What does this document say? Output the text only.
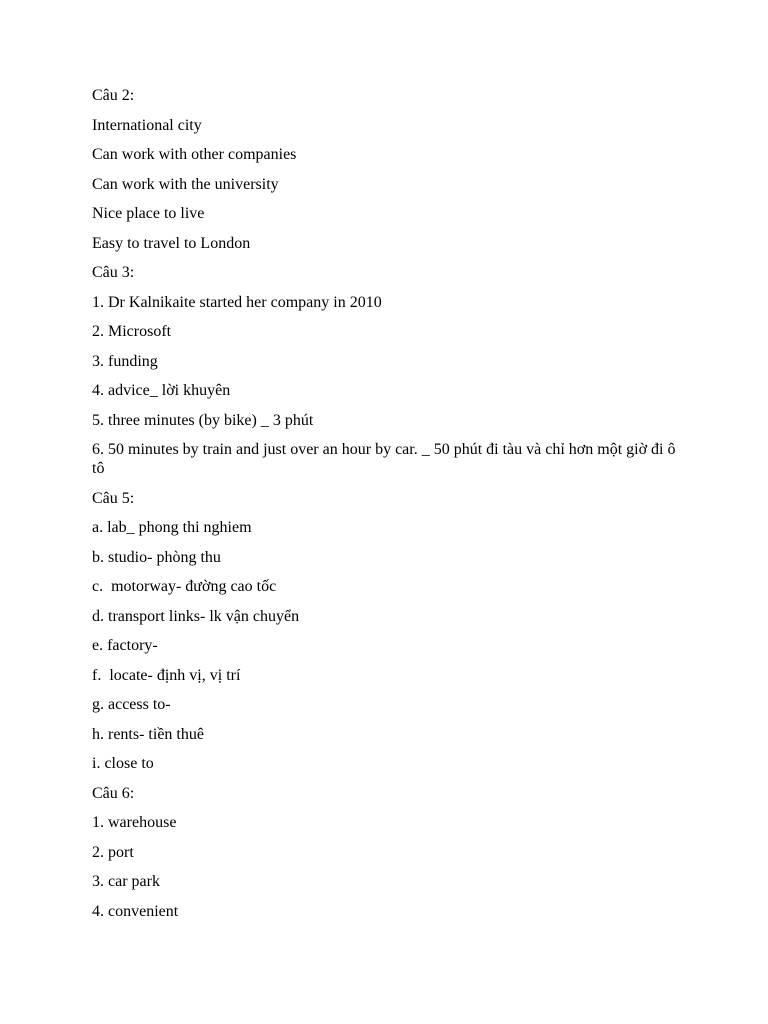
Câu 2:
International city
Can work with other companies
Can work with the university
Nice place to live
Easy to travel to London
Câu 3:
1. Dr Kalnikaite started her company in 2010
2. Microsoft
3. funding
4. advice_ lời khuyên
5. three minutes (by bike) _ 3 phút
6. 50 minutes by train and just over an hour by car. _ 50 phút đi tàu và chỉ hơn một giờ đi ô tô
Câu 5:
a. lab_ phong thi nghiem
b. studio- phòng thu
c.  motorway- đường cao tốc
d. transport links- lk vận chuyển
e. factory-
f.  locate- định vị, vị trí
g. access to-
h. rents- tiền thuê
i. close to
Câu 6:
1. warehouse
2. port
3. car park
4. convenient
